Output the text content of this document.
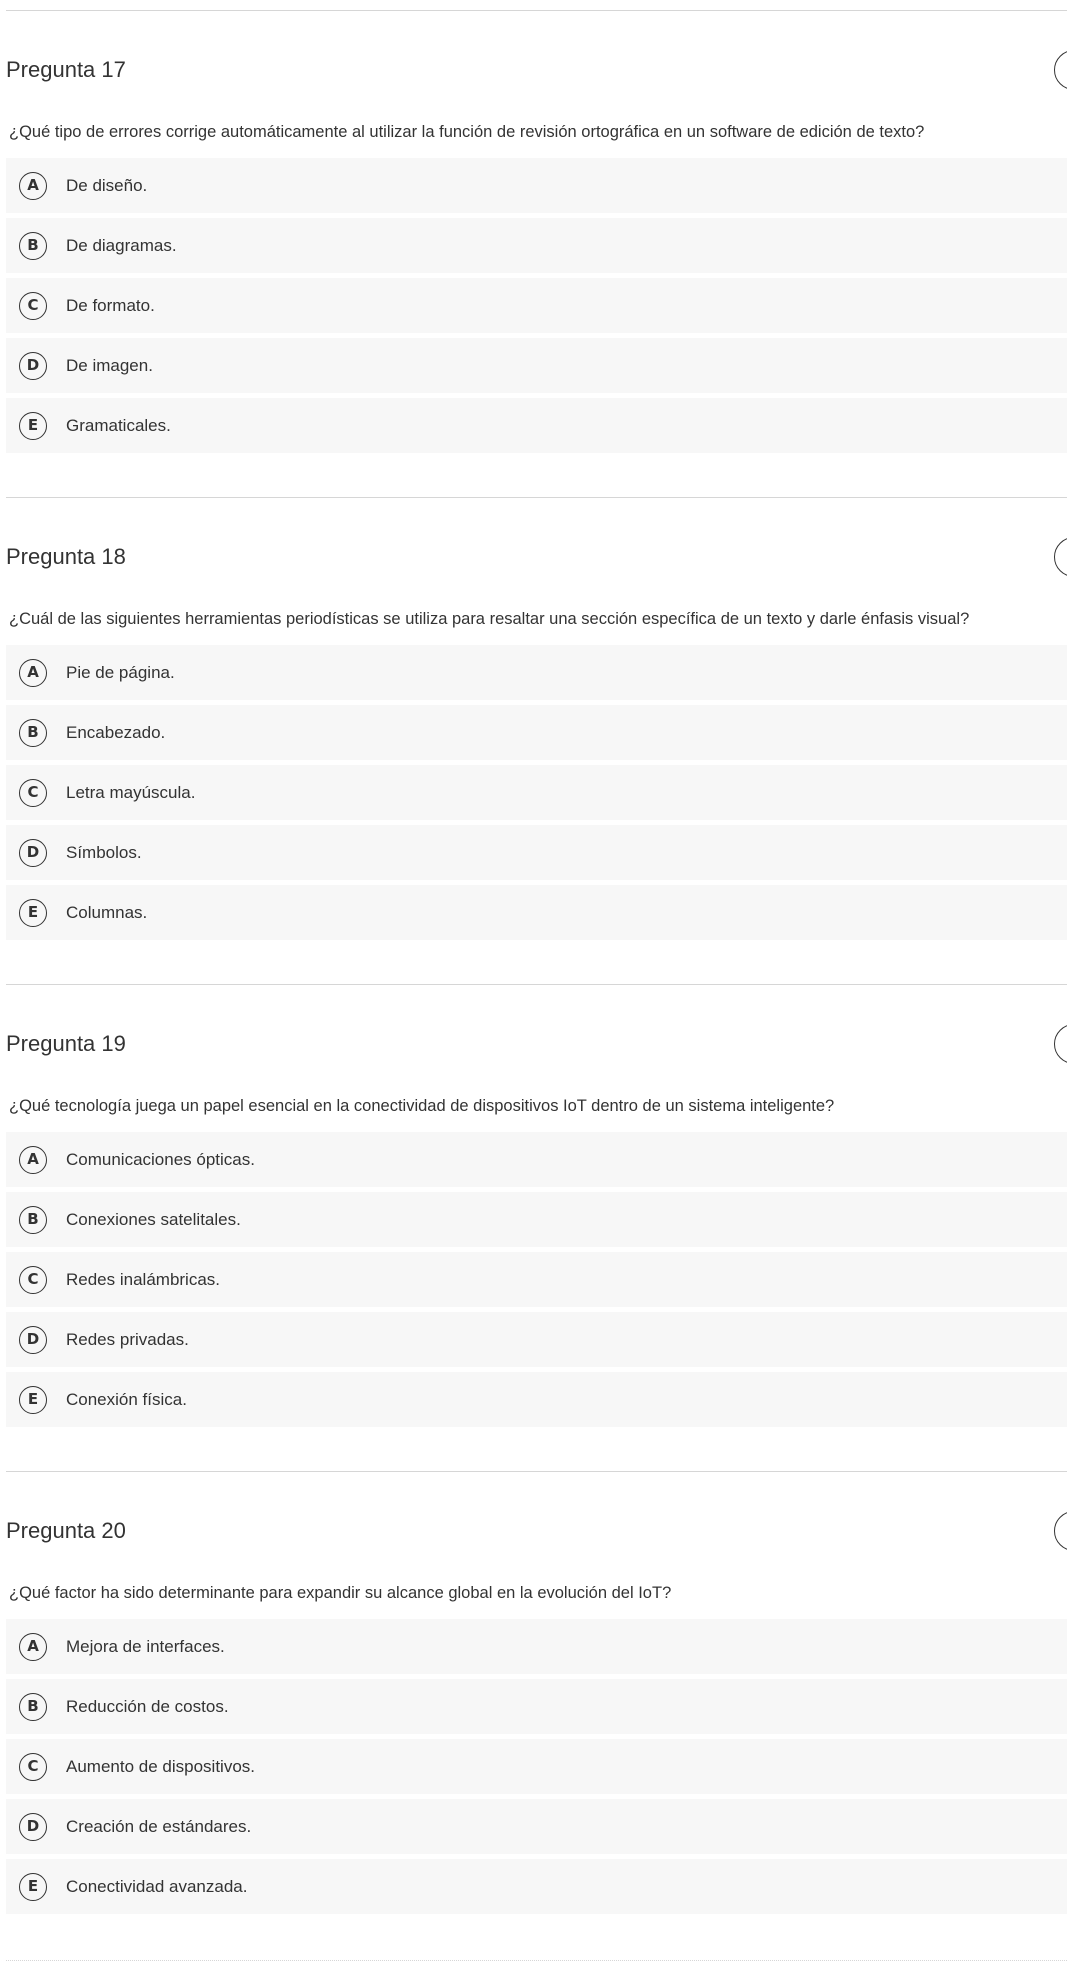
Pregunta 17
¿Qué tipo de errores corrige automáticamente al utilizar la función de revisión ortográfica en un software de edición de texto?
A	De diseño.
B	De diagramas.
C	De formato.
D	De imagen.
E	Gramaticales.
Pregunta 18
¿Cuál de las siguientes herramientas periodísticas se utiliza para resaltar una sección específica de un texto y darle énfasis visual?
A	Pie de página.
B	Encabezado.
C	Letra mayúscula.
D	Símbolos.
E	Columnas.
Pregunta 19
¿Qué tecnología juega un papel esencial en la conectividad de dispositivos IoT dentro de un sistema inteligente?
A	Comunicaciones ópticas.
B	Conexiones satelitales.
C	Redes inalámbricas.
D	Redes privadas.
E	Conexión física.
Pregunta 20
¿Qué factor ha sido determinante para expandir su alcance global en la evolución del IoT?
A	Mejora de interfaces.
B	Reducción de costos.
C	Aumento de dispositivos.
D	Creación de estándares.
E	Conectividad avanzada.
